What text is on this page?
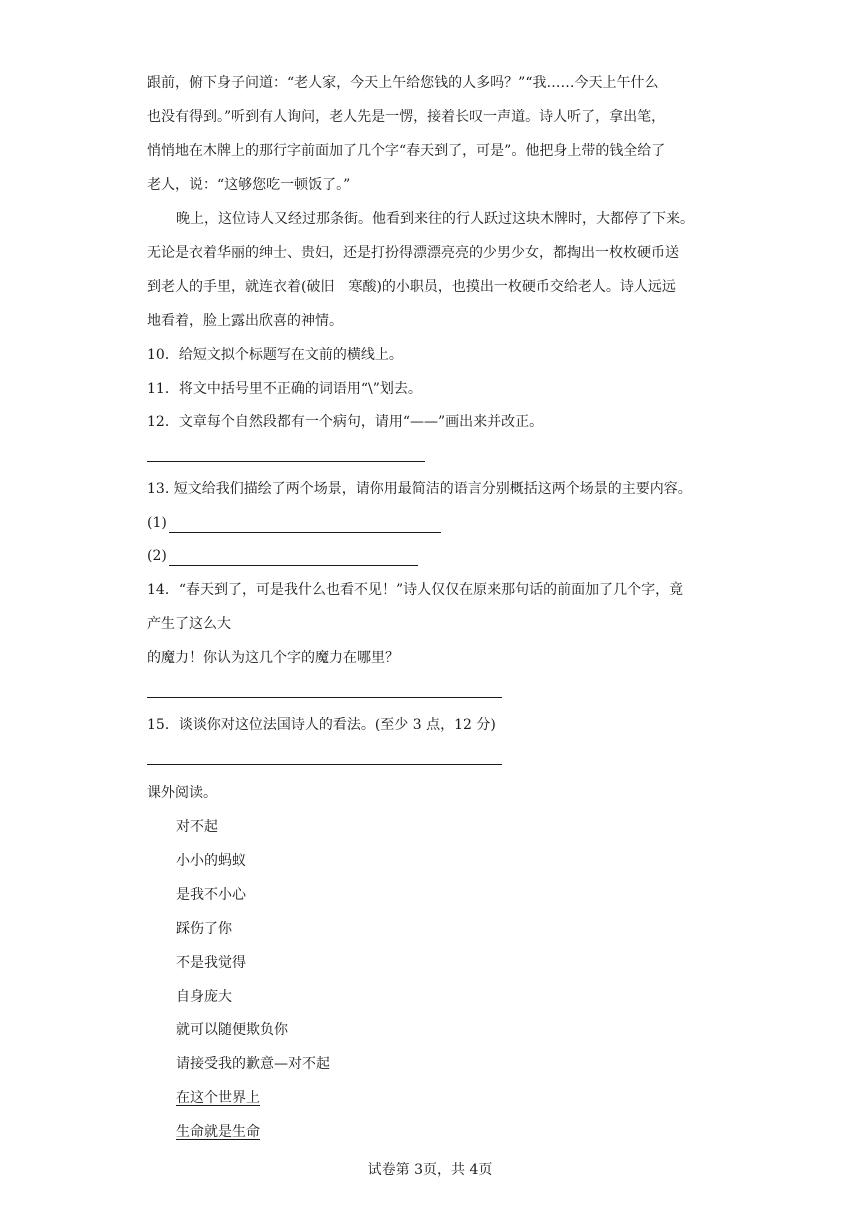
跟前，俯下身子问道：“老人家，今天上午给您钱的人多吗？”“我……今天上午什么
也没有得到。”听到有人询问，老人先是一愣，接着长叹一声道。诗人听了，拿出笔，
悄悄地在木牌上的那行字前面加了几个字“春天到了，可是”。他把身上带的钱全给了
老人，说：“这够您吃一顿饭了。”
晚上，这位诗人又经过那条街。他看到来往的行人跃过这块木牌时，大都停了下来。
无论是衣着华丽的绅士、贵妇，还是打扮得漂漂亮亮的少男少女，都掏出一枚枚硬币送
到老人的手里，就连衣着(破旧　寒酸)的小职员，也摸出一枚硬币交给老人。诗人远远
地看着，脸上露出欣喜的神情。
10．给短文拟个标题写在文前的横线上。
11．将文中括号里不正确的词语用“\”划去。
12．文章每个自然段都有一个病句，请用“——”画出来并改正。
13. 短文给我们描绘了两个场景，请你用最简洁的语言分别概括这两个场景的主要内容。
(1)
(2)
14．“春天到了，可是我什么也看不见！”诗人仅仅在原来那句话的前面加了几个字，竟
产生了这么大
的魔力！你认为这几个字的魔力在哪里？
15．谈谈你对这位法国诗人的看法。(至少 3 点，12 分)
课外阅读。
对不起
小小的蚂蚁
是我不小心
踩伤了你
不是我觉得
自身庞大
就可以随便欺负你
请接受我的歉意—对不起
在这个世界上
生命就是生命
试卷第 3页，共 4页
